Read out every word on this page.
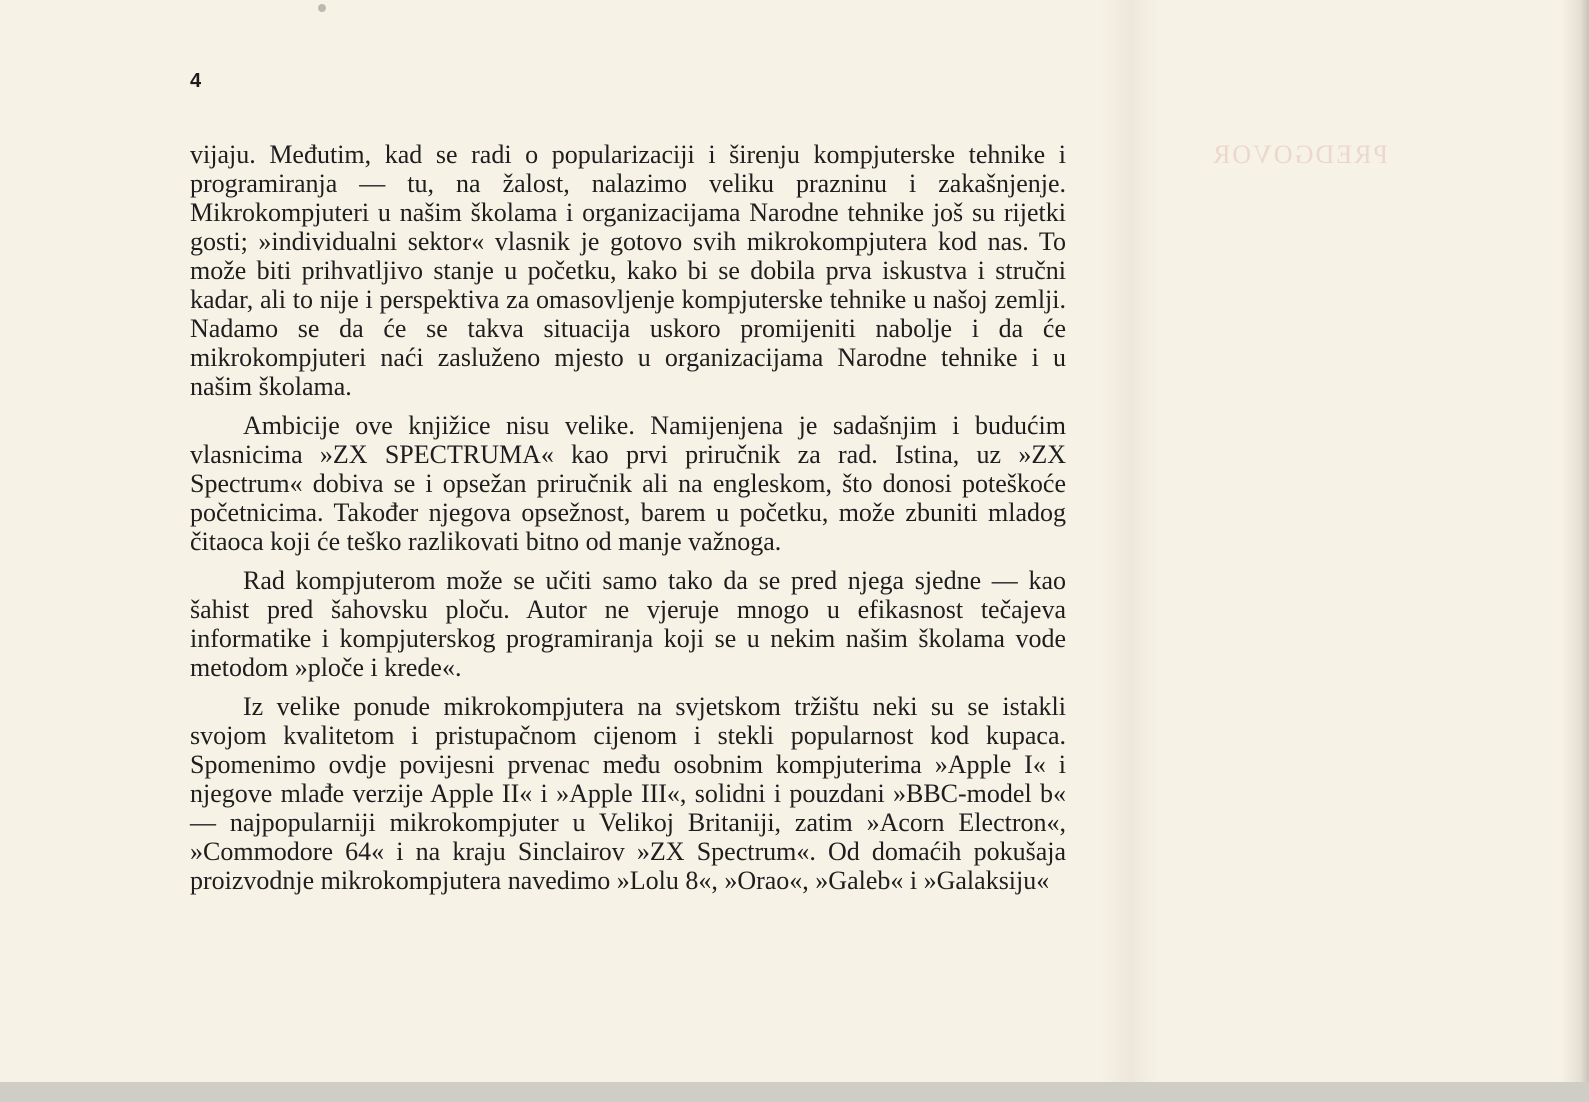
4

vijaju. Međutim, kad se radi o popularizaciji i širenju kompjuterske tehnike i programiranja — tu, na žalost, nalazimo veliku prazninu i zakašnjenje. Mikrokompjuteri u našim školama i organizacijama Narodne tehnike još su rijetki gosti; »individualni sektor« vlasnik je gotovo svih mikrokompjutera kod nas. To može biti prihvatljivo stanje u početku, kako bi se dobila prva iskustva i stručni kadar, ali to nije i perspektiva za omasovljenje kompjuterske tehnike u našoj zemlji. Nadamo se da će se takva situacija uskoro promijeniti nabolje i da će mikrokompjuteri naći zasluženo mjesto u organizacijama Narodne tehnike i u našim školama.

Ambicije ove knjižice nisu velike. Namijenjena je sadašnjim i budućim vlasnicima »ZX SPECTRUMA« kao prvi priručnik za rad. Istina, uz »ZX Spectrum« dobiva se i opsežan priručnik ali na engleskom, što donosi poteškoće početnicima. Također njegova opsežnost, barem u početku, može zbuniti mladog čitaoca koji će teško razlikovati bitno od manje važnoga.

Rad kompjuterom može se učiti samo tako da se pred njega sjedne — kao šahist pred šahovsku ploču. Autor ne vjeruje mnogo u efikasnost tečajeva informatike i kompjuterskog programiranja koji se u nekim našim školama vode metodom »ploče i krede«.

Iz velike ponude mikrokompjutera na svjetskom tržištu neki su se istakli svojom kvalitetom i pristupačnom cijenom i stekli popularnost kod kupaca. Spomenimo ovdje povijesni prvenac među osobnim kompjuterima »Apple I« i njegove mlađe verzije Apple II« i »Apple III«, solidni i pouzdani »BBC-model b« — najpopularniji mikrokompjuter u Velikoj Britaniji, zatim »Acorn Electron«, »Commodore 64« i na kraju Sinclairov »ZX Spectrum«. Od domaćih pokušaja proizvodnje mikrokompjutera navedimo »Lolu 8«, »Orao«, »Galeb« i »Galaksiju«

PREDGOVOR
